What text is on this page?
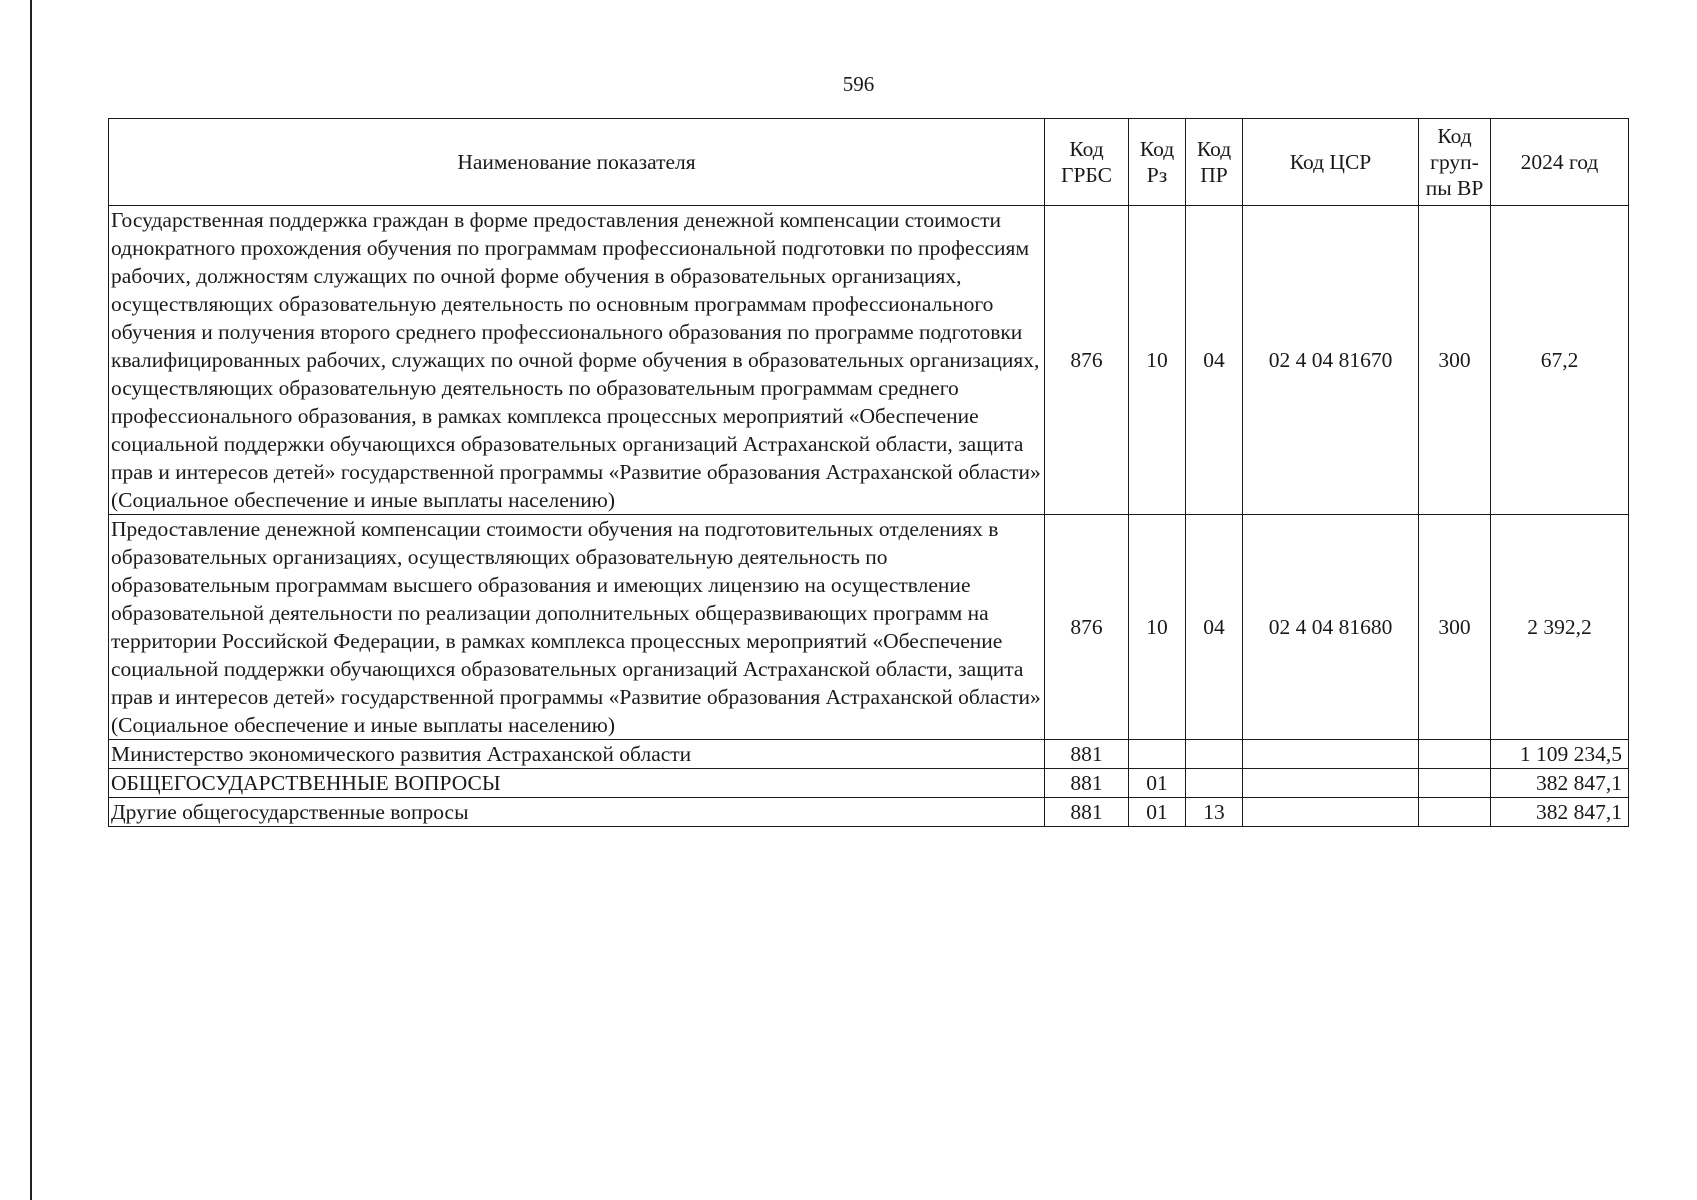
596
Наименование показателя	Код ГРБС	Код Рз	Код ПР	Код ЦСР	Код груп-пы ВР	2024 год
Государственная поддержка граждан в форме предоставления денежной компенсации стоимости однократного прохождения обучения по программам профессиональной подготовки по профессиям рабочих, должностям служащих по очной форме обучения в образовательных организациях, осуществляющих образовательную деятельность по основным программам профессионального обучения и получения второго среднего профессионального образования по программе подготовки квалифицированных рабочих, служащих по очной форме обучения в образовательных организациях, осуществляющих образовательную деятельность по образовательным программам среднего профессионального образования, в рамках комплекса процессных мероприятий «Обеспечение социальной поддержки обучающихся образовательных организаций Астраханской области, защита прав и интересов детей» государственной программы «Развитие образования Астраханской области» (Социальное обеспечение и иные выплаты населению)	876	10	04	02 4 04 81670	300	67,2
Предоставление денежной компенсации стоимости обучения на подготовительных отделениях в образовательных организациях, осуществляющих образовательную деятельность по образовательным программам высшего образования и имеющих лицензию на осуществление образовательной деятельности по реализации дополнительных общеразвивающих программ на территории Российской Федерации, в рамках комплекса процессных мероприятий «Обеспечение социальной поддержки обучающихся образовательных организаций Астраханской области, защита прав и интересов детей» государственной программы «Развитие образования Астраханской области» (Социальное обеспечение и иные выплаты населению)	876	10	04	02 4 04 81680	300	2 392,2
Министерство экономического развития Астраханской области	881					1 109 234,5
ОБЩЕГОСУДАРСТВЕННЫЕ ВОПРОСЫ	881	01				382 847,1
Другие общегосударственные вопросы	881	01	13			382 847,1
